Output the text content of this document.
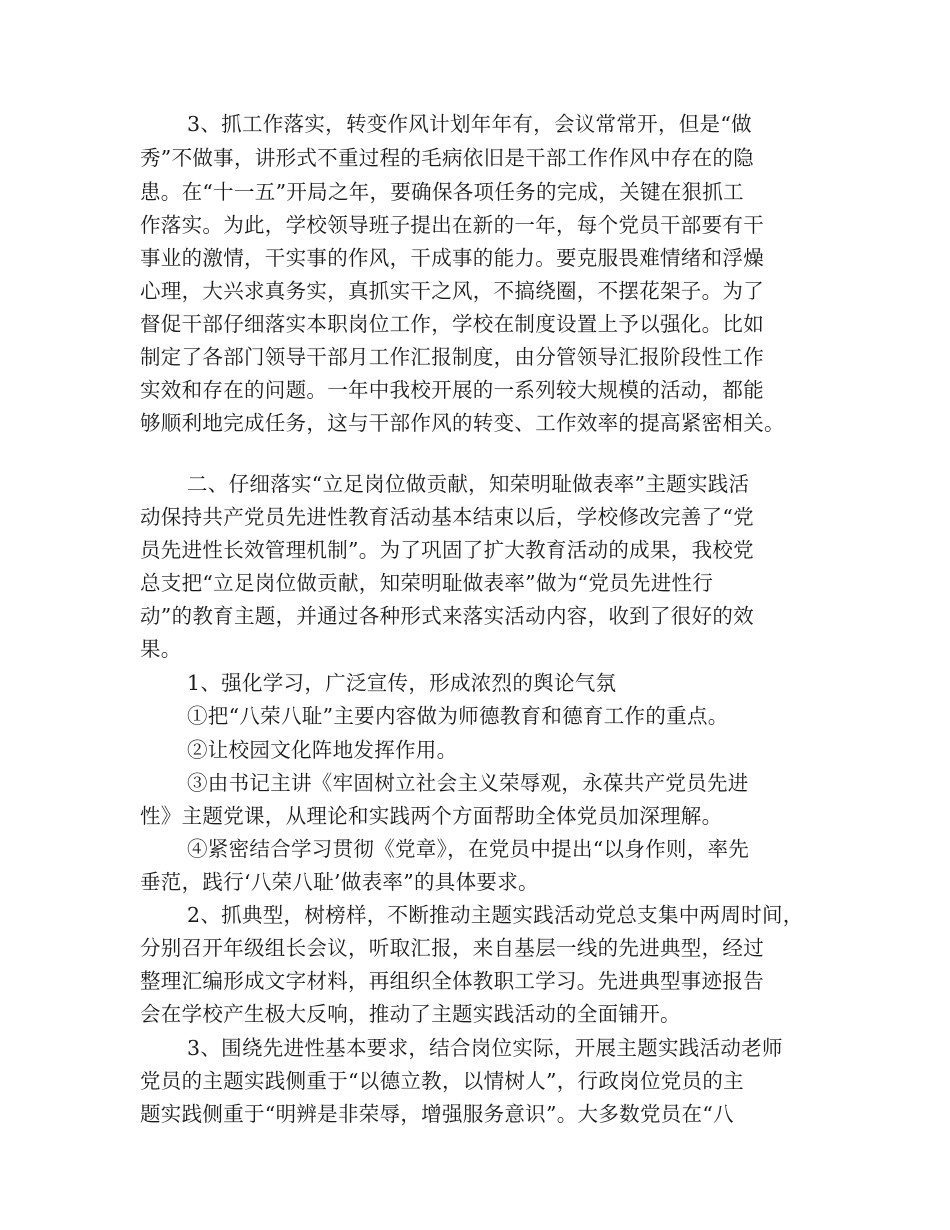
3、抓工作落实，转变作风计划年年有，会议常常开，但是“做
秀”不做事，讲形式不重过程的毛病依旧是干部工作作风中存在的隐
患。在“十一五”开局之年，要确保各项任务的完成，关键在狠抓工
作落实。为此，学校领导班子提出在新的一年，每个党员干部要有干
事业的激情，干实事的作风，干成事的能力。要克服畏难情绪和浮燥
心理，大兴求真务实，真抓实干之风，不搞绕圈，不摆花架子。为了
督促干部仔细落实本职岗位工作，学校在制度设置上予以强化。比如
制定了各部门领导干部月工作汇报制度，由分管领导汇报阶段性工作
实效和存在的问题。一年中我校开展的一系列较大规模的活动，都能
够顺利地完成任务，这与干部作风的转变、工作效率的提高紧密相关。
二、仔细落实“立足岗位做贡献，知荣明耻做表率”主题实践活
动保持共产党员先进性教育活动基本结束以后，学校修改完善了“党
员先进性长效管理机制”。为了巩固了扩大教育活动的成果，我校党
总支把“立足岗位做贡献，知荣明耻做表率”做为“党员先进性行
动”的教育主题，并通过各种形式来落实活动内容，收到了很好的效
果。
1、强化学习，广泛宣传，形成浓烈的舆论气氛
①把“八荣八耻”主要内容做为师德教育和德育工作的重点。
②让校园文化阵地发挥作用。
③由书记主讲《牢固树立社会主义荣辱观，永葆共产党员先进
性》主题党课，从理论和实践两个方面帮助全体党员加深理解。
④紧密结合学习贯彻《党章》，在党员中提出“以身作则，率先
垂范，践行‘八荣八耻’做表率”的具体要求。
2、抓典型，树榜样，不断推动主题实践活动党总支集中两周时间，
分别召开年级组长会议，听取汇报，来自基层一线的先进典型，经过
整理汇编形成文字材料，再组织全体教职工学习。先进典型事迹报告
会在学校产生极大反响，推动了主题实践活动的全面铺开。
3、围绕先进性基本要求，结合岗位实际，开展主题实践活动老师
党员的主题实践侧重于“以德立教，以情树人”，行政岗位党员的主
题实践侧重于“明辨是非荣辱，增强服务意识”。大多数党员在“八
